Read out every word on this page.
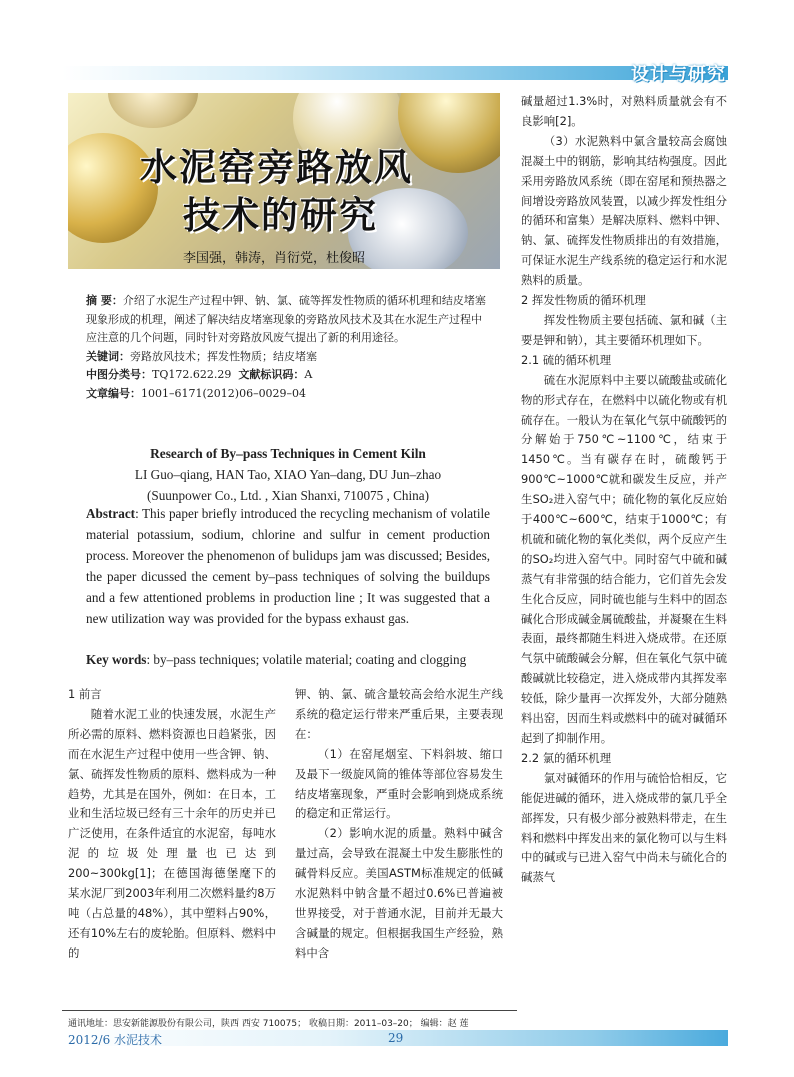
设计与研究
水泥窑旁路放风
技术的研究
李国强，韩涛，肖衍党，杜俊昭
摘 要：介绍了水泥生产过程中钾、钠、氯、硫等挥发性物质的循环机理和结皮堵塞现象形成的机理，阐述了解决结皮堵塞现象的旁路放风技术及其在水泥生产过程中应注意的几个问题，同时针对旁路放风废气提出了新的利用途径。
关键词：旁路放风技术；挥发性物质；结皮堵塞
中图分类号：TQ172.622.29 文献标识码：A
文章编号：1001–6171(2012)06–0029–04
Research of By–pass Techniques in Cement Kiln
LI Guo–qiang, HAN Tao, XIAO Yan–dang, DU Jun–zhao
(Suunpower Co., Ltd. , Xian Shanxi, 710075 , China)
Abstract: This paper briefly introduced the recycling mechanism of volatile material potassium, sodium, chlorine and sulfur in cement production process. Moreover the phenomenon of bulidups jam was discussed; Besides, the paper dicussed the cement by–pass techniques of solving the buildups and a few attentioned problems in production line ; It was suggested that a new utilization way was provided for the bypass exhaust gas.
Key words: by–pass techniques; volatile material; coating and clogging

1 前言

随着水泥工业的快速发展，水泥生产所必需的原料、燃料资源也日趋紧张，因而在水泥生产过程中使用一些含钾、钠、氯、硫挥发性物质的原料、燃料成为一种趋势，尤其是在国外，例如：在日本，工业和生活垃圾已经有三十余年的历史并已广泛使用，在条件适宜的水泥窑，每吨水泥的垃圾处理量也已达到200~300kg[1]；在德国海德堡麾下的某水泥厂到2003年利用二次燃料量约8万吨（占总量的48%），其中塑料占90%，还有10%左右的废轮胎。但原料、燃料中的

钾、钠、氯、硫含量较高会给水泥生产线系统的稳定运行带来严重后果，主要表现在：

（1）在窑尾烟室、下料斜坡、缩口及最下一级旋风筒的锥体等部位容易发生结皮堵塞现象，严重时会影响到烧成系统的稳定和正常运行。

（2）影响水泥的质量。熟料中碱含量过高，会导致在混凝土中发生膨胀性的碱骨料反应。美国ASTM标准规定的低碱水泥熟料中钠含量不超过0.6%已普遍被世界接受，对于普通水泥，目前并无最大含碱量的规定。但根据我国生产经验，熟料中含

碱量超过1.3%时，对熟料质量就会有不良影响[2]。

（3）水泥熟料中氯含量较高会腐蚀混凝土中的钢筋，影响其结构强度。因此采用旁路放风系统（即在窑尾和预热器之间增设旁路放风装置，以减少挥发性组分的循环和富集）是解决原料、燃料中钾、钠、氯、硫挥发性物质排出的有效措施，可保证水泥生产线系统的稳定运行和水泥熟料的质量。

2 挥发性物质的循环机理

挥发性物质主要包括硫、氯和碱（主要是钾和钠），其主要循环机理如下。

2.1 硫的循环机理

硫在水泥原料中主要以硫酸盐或硫化物的形式存在，在燃料中以硫化物或有机硫存在。一般认为在氧化气氛中硫酸钙的分解始于750℃~1100℃，结束于1450℃。当有碳存在时，硫酸钙于900℃~1000℃就和碳发生反应，并产生SO₂进入窑气中；硫化物的氧化反应始于400℃~600℃，结束于1000℃；有机硫和硫化物的氧化类似，两个反应产生的SO₂均进入窑气中。同时窑气中硫和碱蒸气有非常强的结合能力，它们首先会发生化合反应，同时硫也能与生料中的固态碱化合形成碱金属硫酸盐，并凝聚在生料表面，最终都随生料进入烧成带。在还原气氛中硫酸碱会分解，但在氧化气氛中硫酸碱就比较稳定，进入烧成带内其挥发率较低，除少量再一次挥发外，大部分随熟料出窑，因而生料或燃料中的硫对碱循环起到了抑制作用。

2.2 氯的循环机理

氯对碱循环的作用与硫恰恰相反，它能促进碱的循环，进入烧成带的氯几乎全部挥发，只有极少部分被熟料带走，在生料和燃料中挥发出来的氯化物可以与生料中的碱或与已进入窑气中尚未与硫化合的碱蒸气

通讯地址：思安新能源股份有限公司，陕西 西安 710075； 收稿日期：2011–03–20； 编辑：赵 莲
2012/6 水泥技术	29
